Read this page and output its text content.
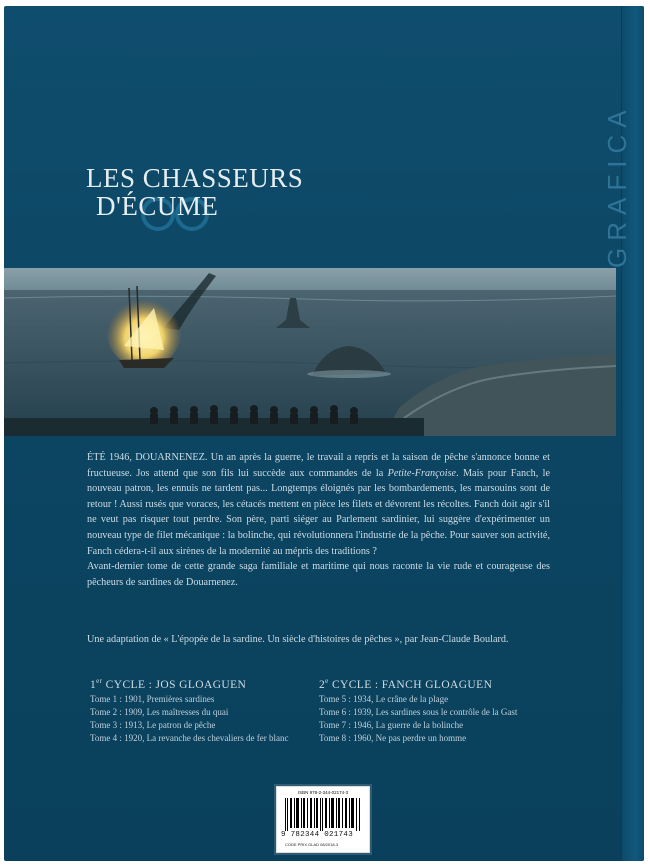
GRAFICA
LES CHASSEURS
D'ÉCUME

ÉTÉ 1946, DOUARNENEZ. Un an après la guerre, le travail a repris et la saison de pêche s'annonce bonne et fructueuse. Jos attend que son fils lui succède aux commandes de la Petite-Françoise. Mais pour Fanch, le nouveau patron, les ennuis ne tardent pas... Longtemps éloignés par les bombardements, les marsouins sont de retour ! Aussi rusés que voraces, les cétacés mettent en pièce les filets et dévorent les récoltes. Fanch doit agir s'il ne veut pas risquer tout perdre. Son père, parti siéger au Parlement sardinier, lui suggère d'expérimenter un nouveau type de filet mécanique : la bolinche, qui révolutionnera l'industrie de la pêche. Pour sauver son activité, Fanch cédera-t-il aux sirènes de la modernité au mépris des traditions ?

Avant-dernier tome de cette grande saga familiale et maritime qui nous raconte la vie rude et courageuse des pêcheurs de sardines de Douarnenez.

Une adaptation de « L'épopée de la sardine. Un siècle d'histoires de pêches », par Jean-Claude Boulard.
1er CYCLE : JOS GLOAGUEN
Tome 1 : 1901, Premières sardines
Tome 2 : 1909, Les maîtresses du quai
Tome 3 : 1913, Le patron de pêche
Tome 4 : 1920, La revanche des chevaliers de fer blanc
2e CYCLE : FANCH GLOAGUEN
Tome 5 : 1934, Le crâne de la plage
Tome 6 : 1939, Les sardines sous le contrôle de la Gast
Tome 7 : 1946, La guerre de la bolinche
Tome 8 : 1960, Ne pas perdre un homme
ISBN 978-2-344-02174-3
9 782344 021743
CODE PRIX GLAD 08/2018-3
